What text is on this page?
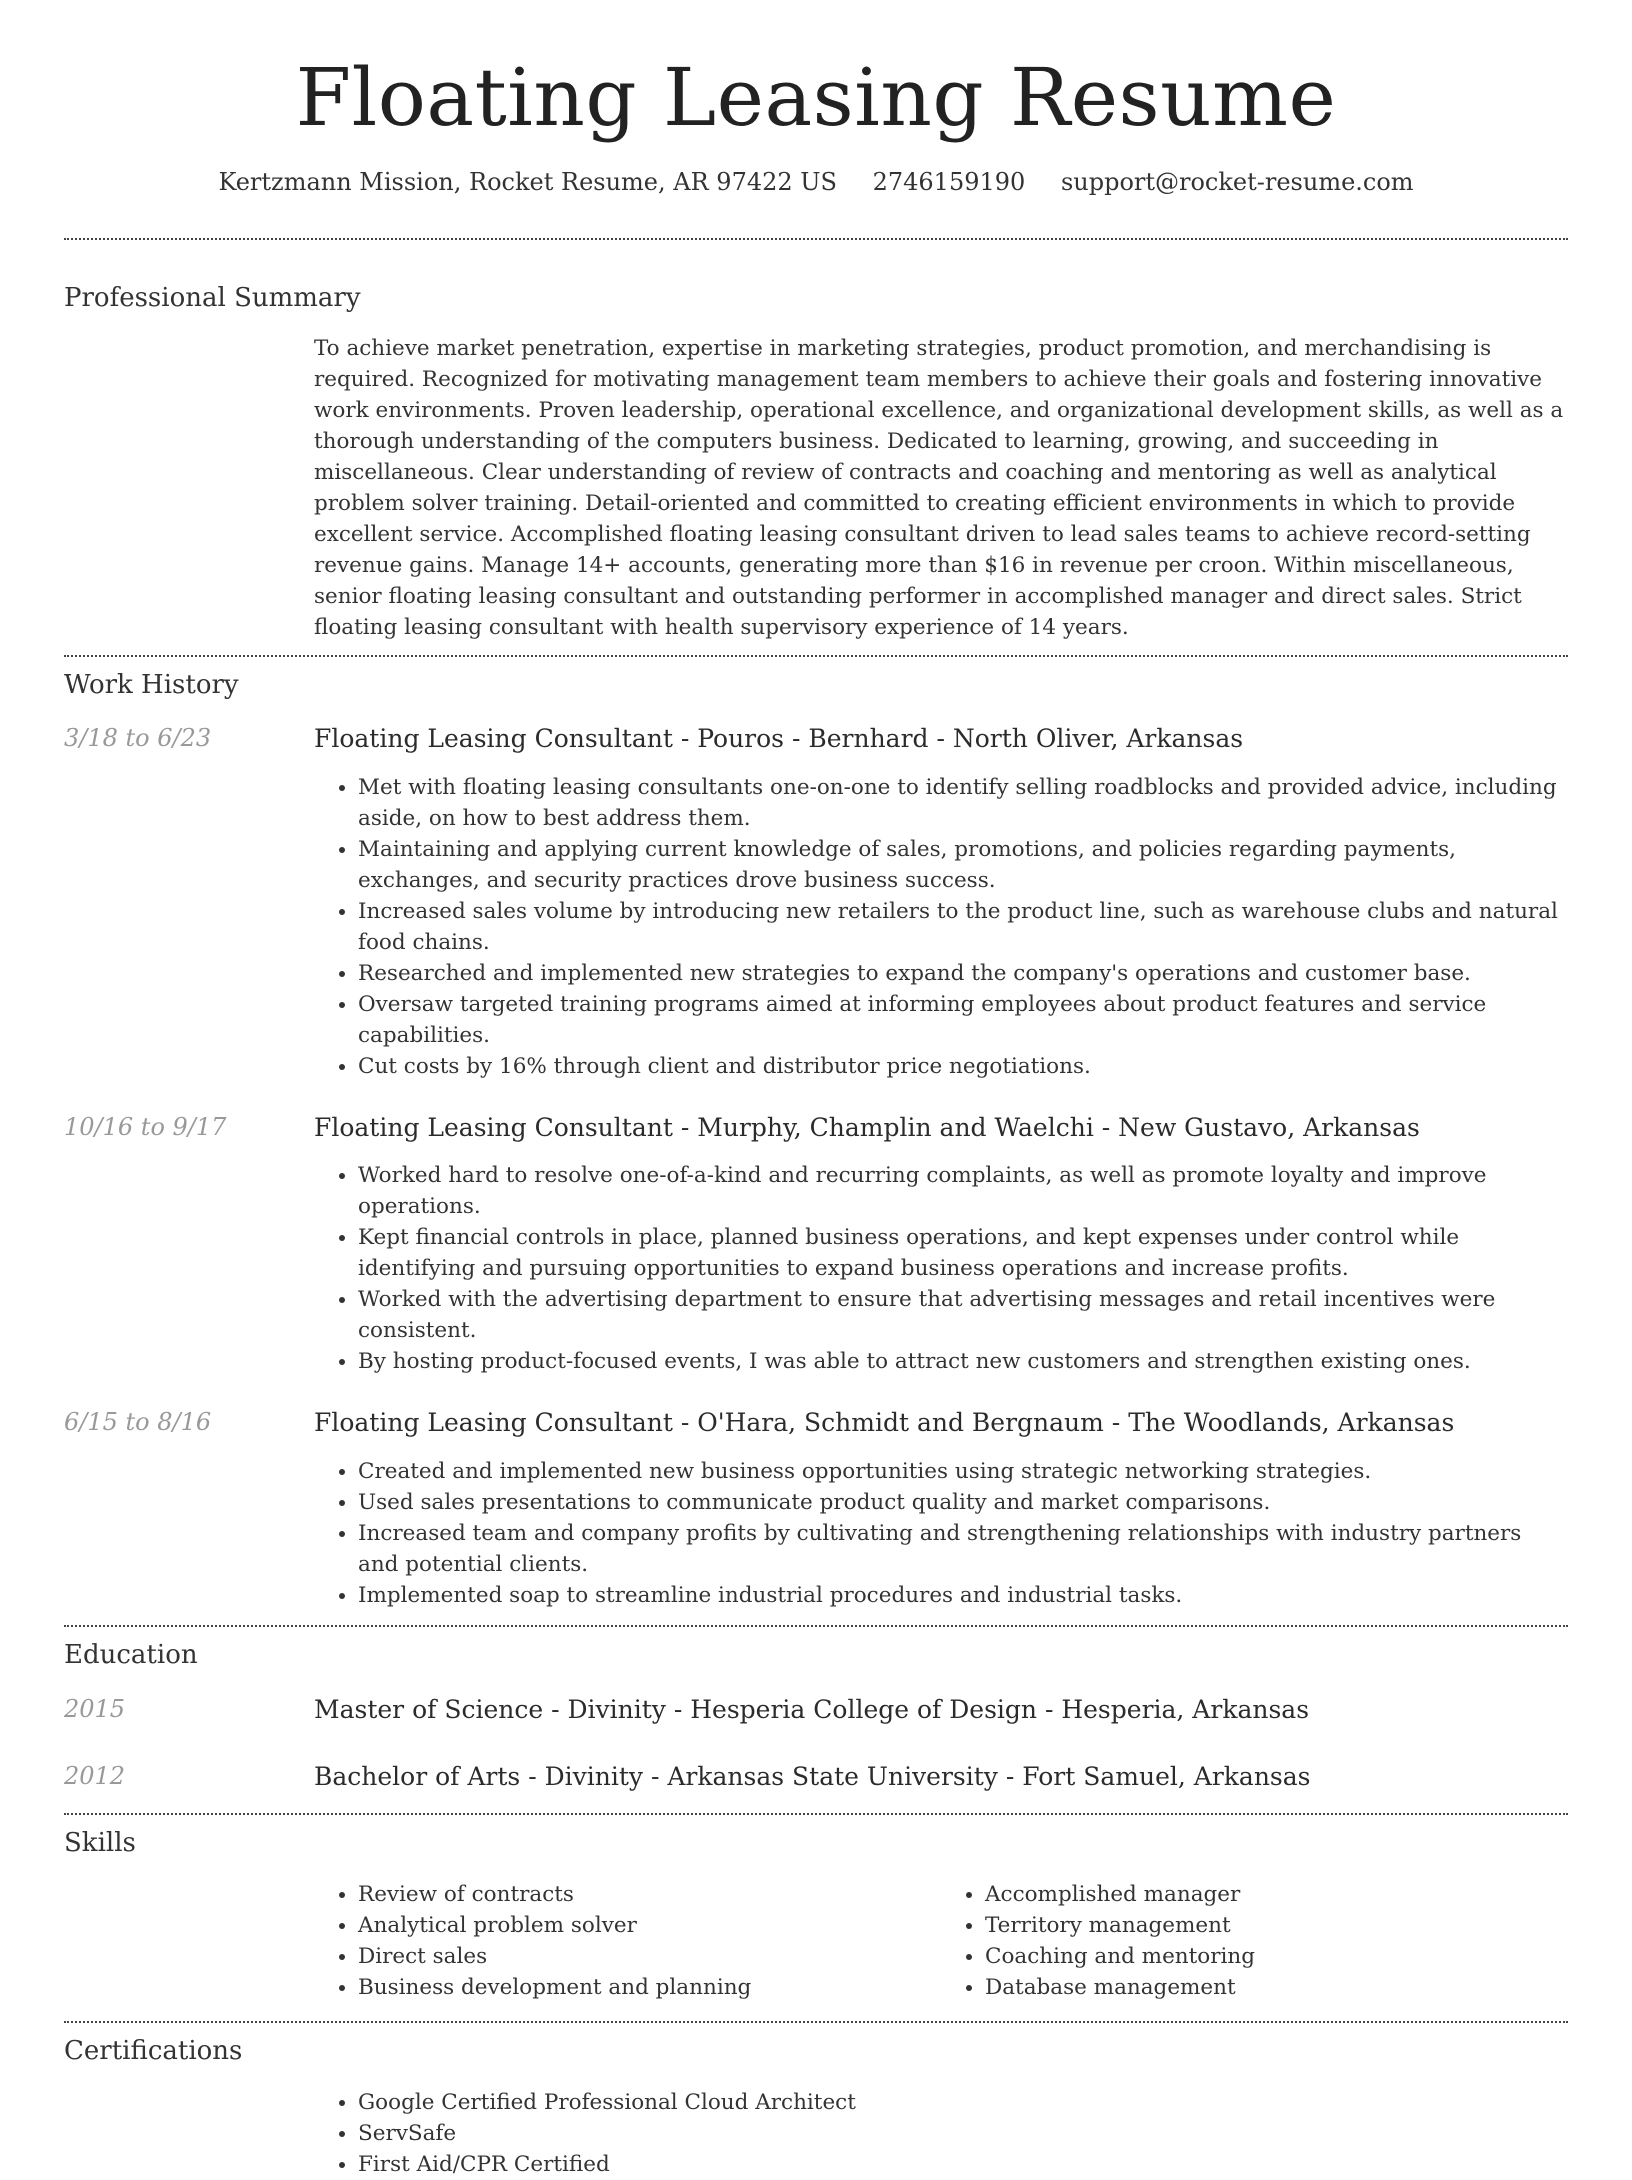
Floating Leasing Resume
Kertzmann Mission, Rocket Resume, AR 97422 US 2746159190 support@rocket-resume.com
Professional Summary

To achieve market penetration, expertise in marketing strategies, product promotion, and merchandising is required. Recognized for motivating management team members to achieve their goals and fostering innovative work environments. Proven leadership, operational excellence, and organizational development skills, as well as a thorough understanding of the computers business. Dedicated to learning, growing, and succeeding in miscellaneous. Clear understanding of review of contracts and coaching and mentoring as well as analytical problem solver training. Detail-oriented and committed to creating efficient environments in which to provide excellent service. Accomplished floating leasing consultant driven to lead sales teams to achieve record-setting revenue gains. Manage 14+ accounts, generating more than $16 in revenue per croon. Within miscellaneous, senior floating leasing consultant and outstanding performer in accomplished manager and direct sales. Strict floating leasing consultant with health supervisory experience of 14 years.

Work History
3/18 to 6/23	Floating Leasing Consultant - Pouros - Bernhard - North Oliver, Arkansas
• Met with floating leasing consultants one-on-one to identify selling roadblocks and provided advice, including aside, on how to best address them.
• Maintaining and applying current knowledge of sales, promotions, and policies regarding payments, exchanges, and security practices drove business success.
• Increased sales volume by introducing new retailers to the product line, such as warehouse clubs and natural food chains.
• Researched and implemented new strategies to expand the company's operations and customer base.
• Oversaw targeted training programs aimed at informing employees about product features and service capabilities.
• Cut costs by 16% through client and distributor price negotiations.
10/16 to 9/17	Floating Leasing Consultant - Murphy, Champlin and Waelchi - New Gustavo, Arkansas
• Worked hard to resolve one-of-a-kind and recurring complaints, as well as promote loyalty and improve operations.
• Kept financial controls in place, planned business operations, and kept expenses under control while identifying and pursuing opportunities to expand business operations and increase profits.
• Worked with the advertising department to ensure that advertising messages and retail incentives were consistent.
• By hosting product-focused events, I was able to attract new customers and strengthen existing ones.
6/15 to 8/16	Floating Leasing Consultant - O'Hara, Schmidt and Bergnaum - The Woodlands, Arkansas
• Created and implemented new business opportunities using strategic networking strategies.
• Used sales presentations to communicate product quality and market comparisons.
• Increased team and company profits by cultivating and strengthening relationships with industry partners and potential clients.
• Implemented soap to streamline industrial procedures and industrial tasks.
Education
2015	Master of Science - Divinity - Hesperia College of Design - Hesperia, Arkansas
2012	Bachelor of Arts - Divinity - Arkansas State University - Fort Samuel, Arkansas
Skills
• Review of contracts
• Analytical problem solver
• Direct sales
• Business development and planning
• Accomplished manager
• Territory management
• Coaching and mentoring
• Database management
Certifications
• Google Certified Professional Cloud Architect
• ServSafe
• First Aid/CPR Certified
